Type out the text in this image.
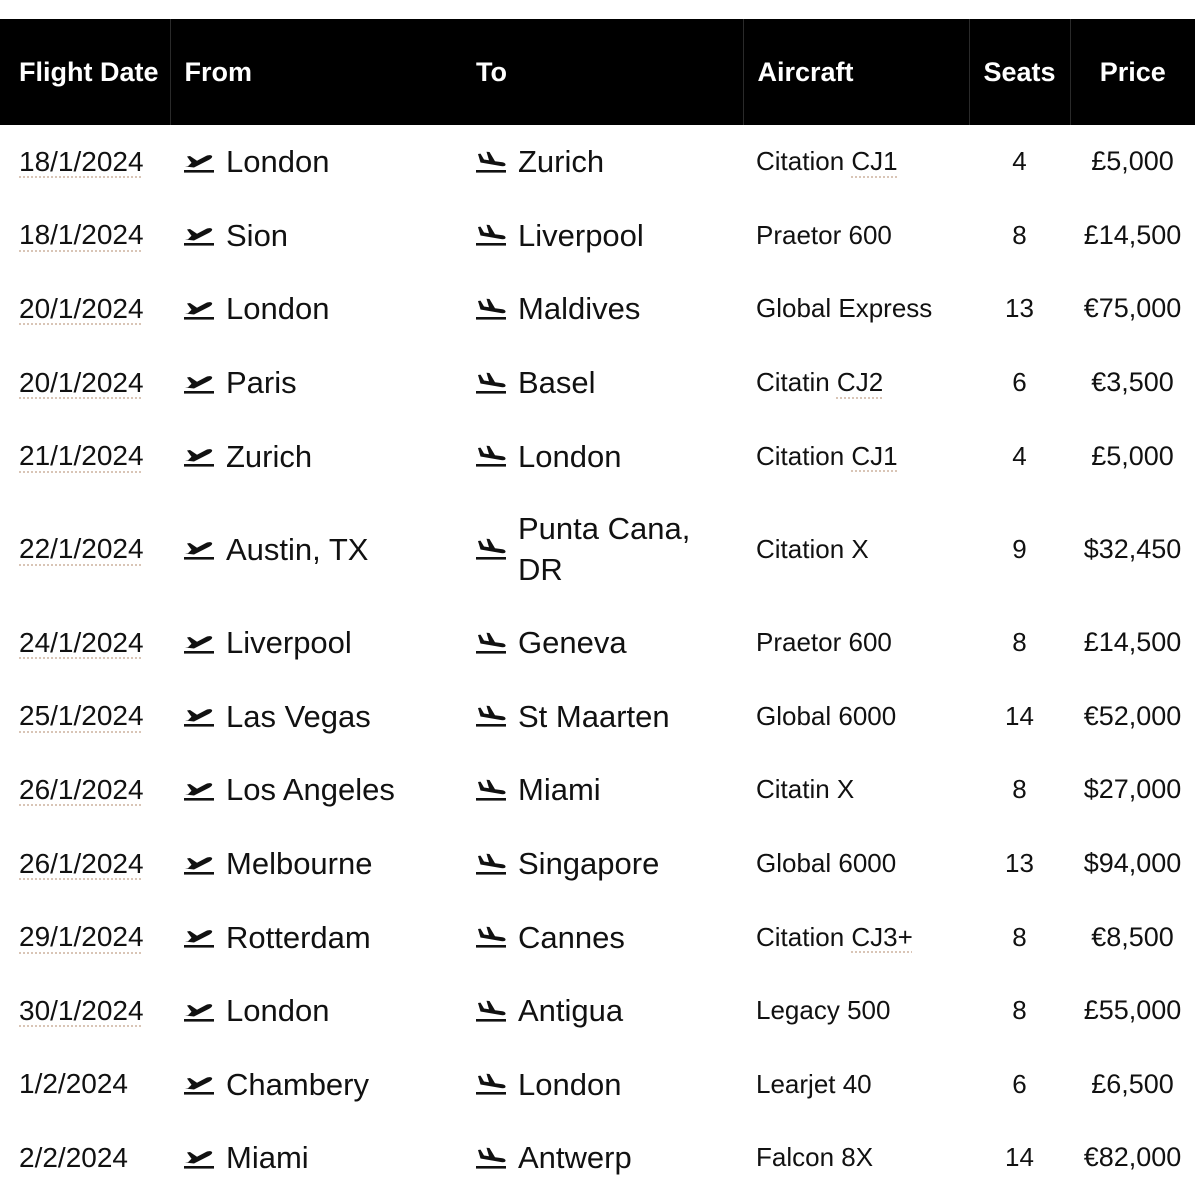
Flight Date	From	To	Aircraft	Seats	Price
18/1/2024	London	Zurich	Citation CJ1	4	£5,000
18/1/2024	Sion	Liverpool	Praetor 600	8	£14,500
20/1/2024	London	Maldives	Global Express	13	€75,000
20/1/2024	Paris	Basel	Citatin CJ2	6	€3,500
21/1/2024	Zurich	London	Citation CJ1	4	£5,000
22/1/2024	Austin, TX	Punta Cana, DR	Citation X	9	$32,450
24/1/2024	Liverpool	Geneva	Praetor 600	8	£14,500
25/1/2024	Las Vegas	St Maarten	Global 6000	14	€52,000
26/1/2024	Los Angeles	Miami	Citatin X	8	$27,000
26/1/2024	Melbourne	Singapore	Global 6000	13	$94,000
29/1/2024	Rotterdam	Cannes	Citation CJ3+	8	€8,500
30/1/2024	London	Antigua	Legacy 500	8	£55,000
1/2/2024	Chambery	London	Learjet 40	6	£6,500
2/2/2024	Miami	Antwerp	Falcon 8X	14	€82,000
